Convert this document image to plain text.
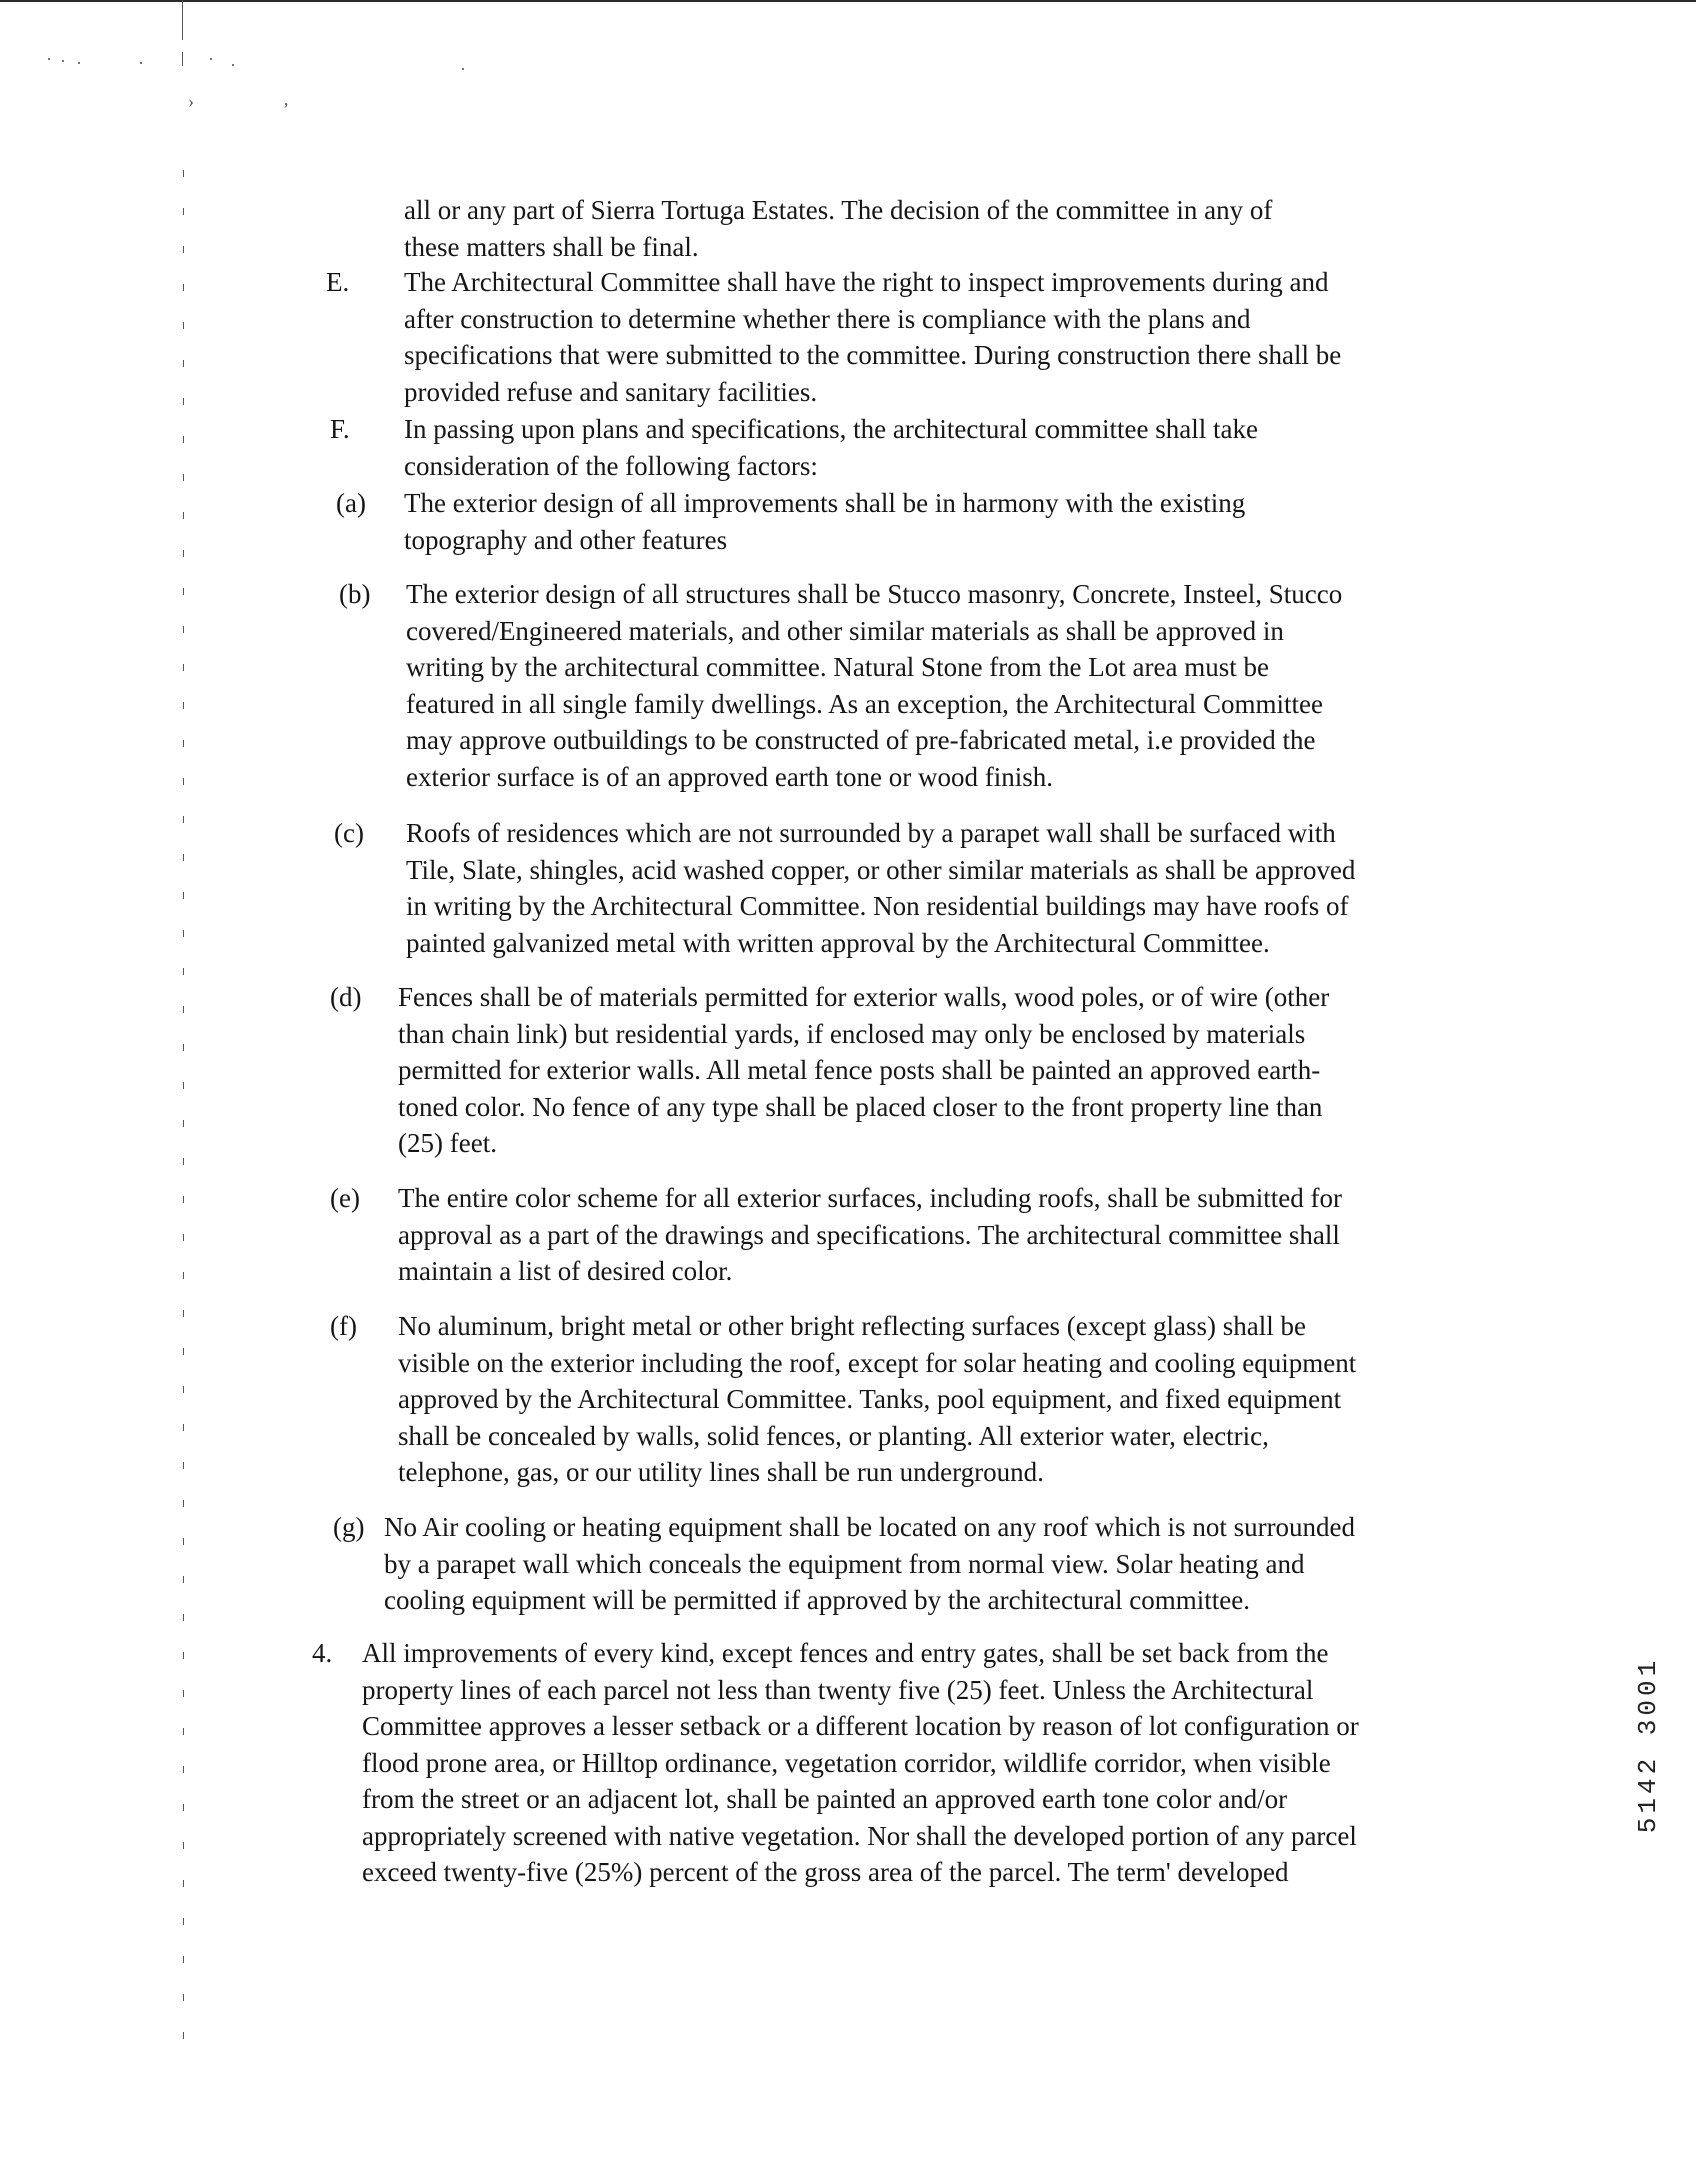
›	‚

all or any part of Sierra Tortuga Estates. The decision of the committee in any of
these matters shall be final.

E. The Architectural Committee shall have the right to inspect improvements during and
after construction to determine whether there is compliance with the plans and
specifications that were submitted to the committee. During construction there shall be
provided refuse and sanitary facilities.

F. In passing upon plans and specifications, the architectural committee shall take
consideration of the following factors:

(a) The exterior design of all improvements shall be in harmony with the existing
topography and other features

(b) The exterior design of all structures shall be Stucco masonry, Concrete, Insteel, Stucco
covered/Engineered materials, and other similar materials as shall be approved in
writing by the architectural committee. Natural Stone from the Lot area must be
featured in all single family dwellings. As an exception, the Architectural Committee
may approve outbuildings to be constructed of pre-fabricated metal, i.e provided the
exterior surface is of an approved earth tone or wood finish.

(c) Roofs of residences which are not surrounded by a parapet wall shall be surfaced with
Tile, Slate, shingles, acid washed copper, or other similar materials as shall be approved
in writing by the Architectural Committee. Non residential buildings may have roofs of
painted galvanized metal with written approval by the Architectural Committee.

(d) Fences shall be of materials permitted for exterior walls, wood poles, or of wire (other
than chain link) but residential yards, if enclosed may only be enclosed by materials
permitted for exterior walls. All metal fence posts shall be painted an approved earth-
toned color. No fence of any type shall be placed closer to the front property line than
(25) feet.

(e) The entire color scheme for all exterior surfaces, including roofs, shall be submitted for
approval as a part of the drawings and specifications. The architectural committee shall
maintain a list of desired color.

(f) No aluminum, bright metal or other bright reflecting surfaces (except glass) shall be
visible on the exterior including the roof, except for solar heating and cooling equipment
approved by the Architectural Committee. Tanks, pool equipment, and fixed equipment
shall be concealed by walls, solid fences, or planting. All exterior water, electric,
telephone, gas, or our utility lines shall be run underground.

(g) No Air cooling or heating equipment shall be located on any roof which is not surrounded
by a parapet wall which conceals the equipment from normal view. Solar heating and
cooling equipment will be permitted if approved by the architectural committee.

4. All improvements of every kind, except fences and entry gates, shall be set back from the
property lines of each parcel not less than twenty five (25) feet. Unless the Architectural
Committee approves a lesser setback or a different location by reason of lot configuration or
flood prone area, or Hilltop ordinance, vegetation corridor, wildlife corridor, when visible
from the street or an adjacent lot, shall be painted an approved earth tone color and/or
appropriately screened with native vegetation. Nor shall the developed portion of any parcel
exceed twenty-five (25%) percent of the gross area of the parcel. The term' developed

5142 3001
